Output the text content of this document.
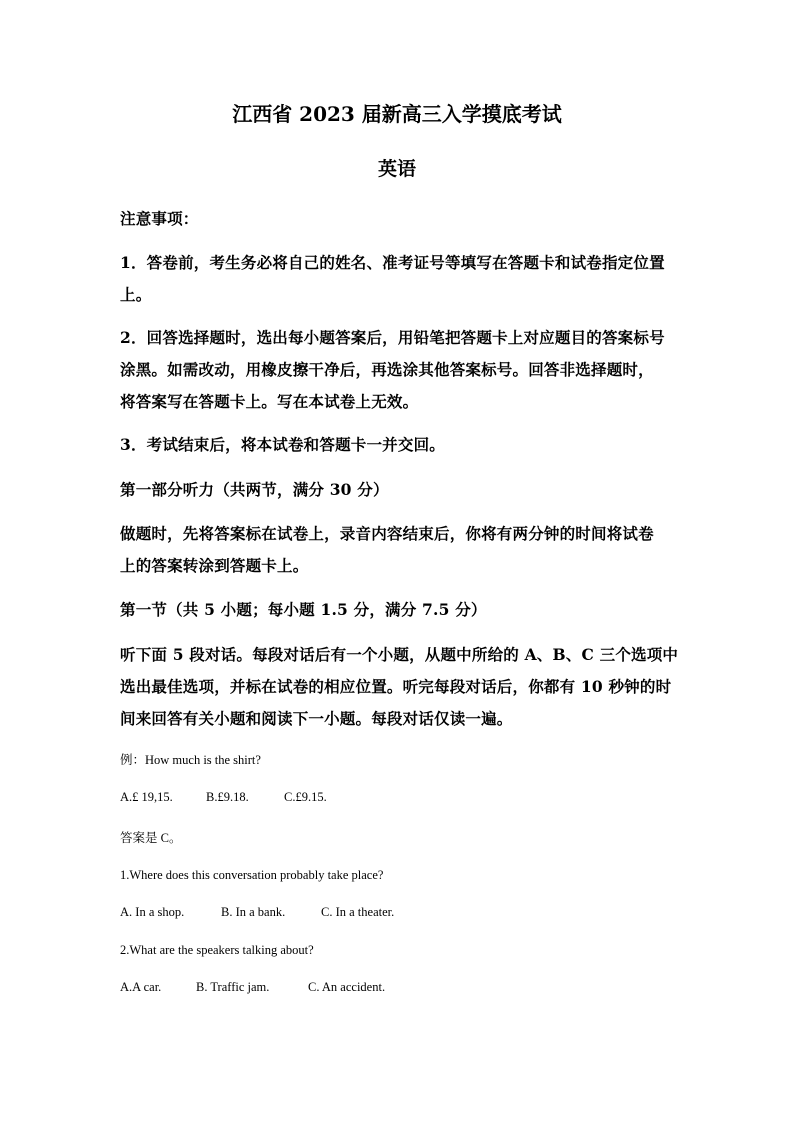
江西省 2023 届新高三入学摸底考试
英语
注意事项：
1．答卷前，考生务必将自己的姓名、准考证号等填写在答题卡和试卷指定位置
上。
2．回答选择题时，选出每小题答案后，用铅笔把答题卡上对应题目的答案标号
涂黑。如需改动，用橡皮擦干净后，再选涂其他答案标号。回答非选择题时，
将答案写在答题卡上。写在本试卷上无效。
3．考试结束后，将本试卷和答题卡一并交回。
第一部分听力（共两节，满分 30 分）
做题时，先将答案标在试卷上，录音内容结束后，你将有两分钟的时间将试卷
上的答案转涂到答题卡上。
第一节（共 5 小题；每小题 1.5 分，满分 7.5 分）
听下面 5 段对话。每段对话后有一个小题，从题中所给的 A、B、C 三个选项中
选出最佳选项，并标在试卷的相应位置。听完每段对话后，你都有 10 秒钟的时
间来回答有关小题和阅读下一小题。每段对话仅读一遍。
例：How much is the shirt?
A.£ 19,15.	B.£9.18.	C.£9.15.
答案是 C。
1.Where does this conversation probably take place?
A. In a shop.	B. In a bank.	C. In a theater.
2.What are the speakers talking about?
A.A car.	B. Traffic jam.	C. An accident.
